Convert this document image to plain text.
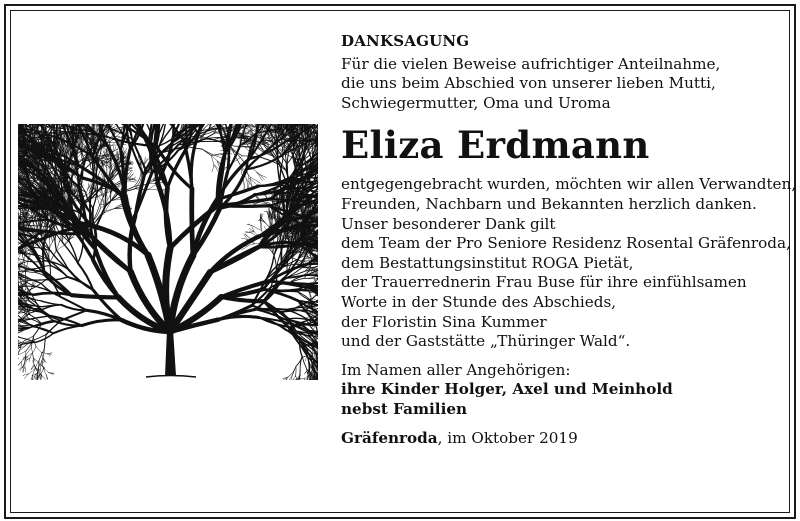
DANKSAGUNG
Für die vielen Beweise aufrichtiger Anteilnahme,
die uns beim Abschied von unserer lieben Mutti,
Schwiegermutter, Oma und Uroma
Eliza Erdmann
entgegengebracht wurden, möchten wir allen Verwandten,
Freunden, Nachbarn und Bekannten herzlich danken.
Unser besonderer Dank gilt
dem Team der Pro Seniore Residenz Rosental Gräfenroda,
dem Bestattungsinstitut ROGA Pietät,
der Trauerrednerin Frau Buse für ihre einfühlsamen
Worte in der Stunde des Abschieds,
der Floristin Sina Kummer
und der Gaststätte „Thüringer Wald“.
Im Namen aller Angehörigen:
ihre Kinder Holger, Axel und Meinhold
nebst Familien
Gräfenroda, im Oktober 2019
